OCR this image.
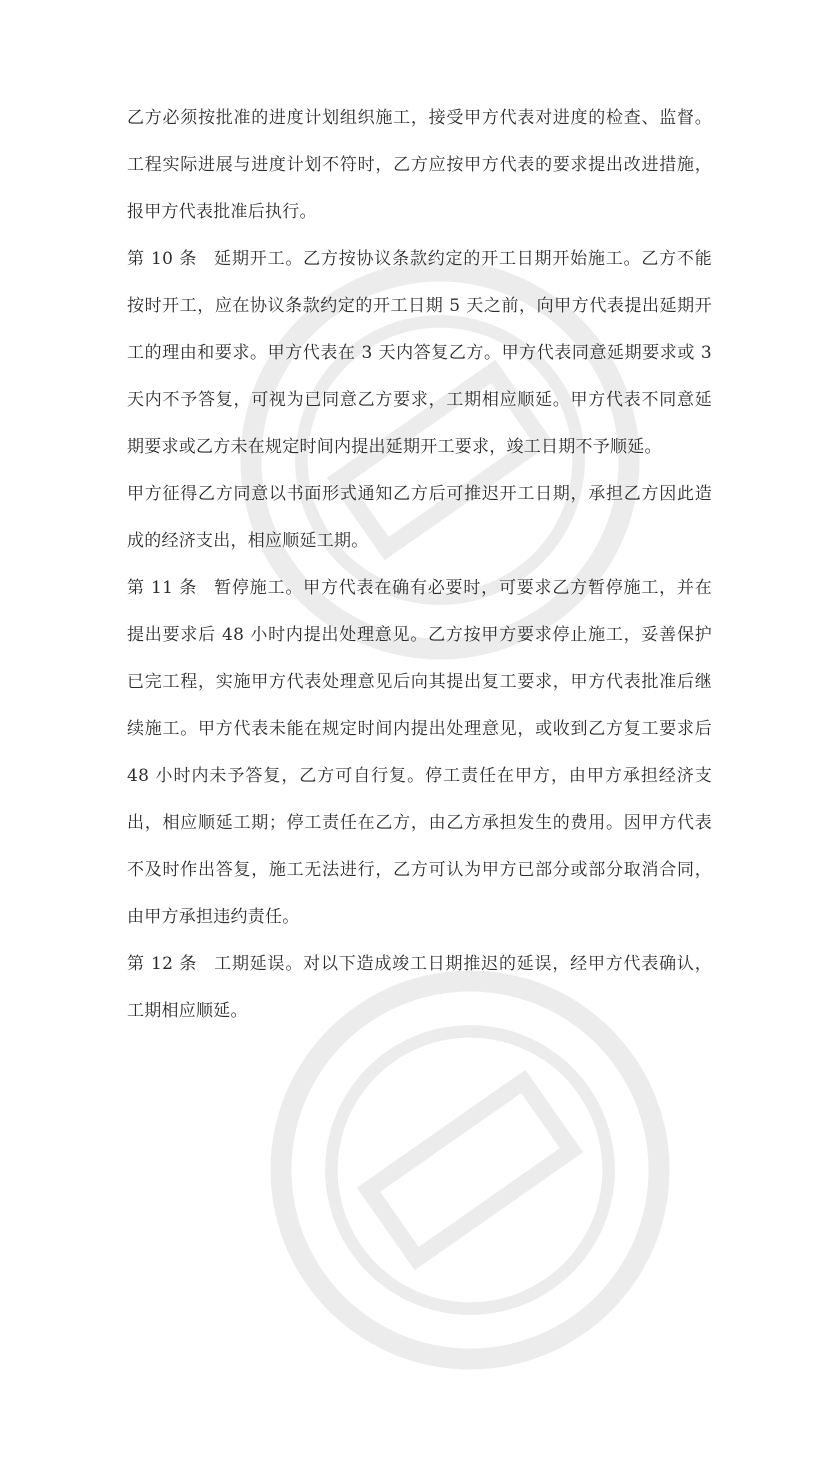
乙方必须按批准的进度计划组织施工，接受甲方代表对进度的检查、监督。工程实际进展与进度计划不符时，乙方应按甲方代表的要求提出改进措施，报甲方代表批准后执行。

第 10 条 延期开工。乙方按协议条款约定的开工日期开始施工。乙方不能按时开工，应在协议条款约定的开工日期 5 天之前，向甲方代表提出延期开工的理由和要求。甲方代表在 3 天内答复乙方。甲方代表同意延期要求或 3 天内不予答复，可视为已同意乙方要求，工期相应顺延。甲方代表不同意延期要求或乙方未在规定时间内提出延期开工要求，竣工日期不予顺延。

甲方征得乙方同意以书面形式通知乙方后可推迟开工日期，承担乙方因此造成的经济支出，相应顺延工期。

第 11 条 暂停施工。甲方代表在确有必要时，可要求乙方暂停施工，并在提出要求后 48 小时内提出处理意见。乙方按甲方要求停止施工，妥善保护已完工程，实施甲方代表处理意见后向其提出复工要求，甲方代表批准后继续施工。甲方代表未能在规定时间内提出处理意见，或收到乙方复工要求后 48 小时内未予答复，乙方可自行复。停工责任在甲方，由甲方承担经济支出，相应顺延工期；停工责任在乙方，由乙方承担发生的费用。因甲方代表不及时作出答复，施工无法进行，乙方可认为甲方已部分或部分取消合同，由甲方承担违约责任。

第 12 条 工期延误。对以下造成竣工日期推迟的延误，经甲方代表确认，工期相应顺延。
